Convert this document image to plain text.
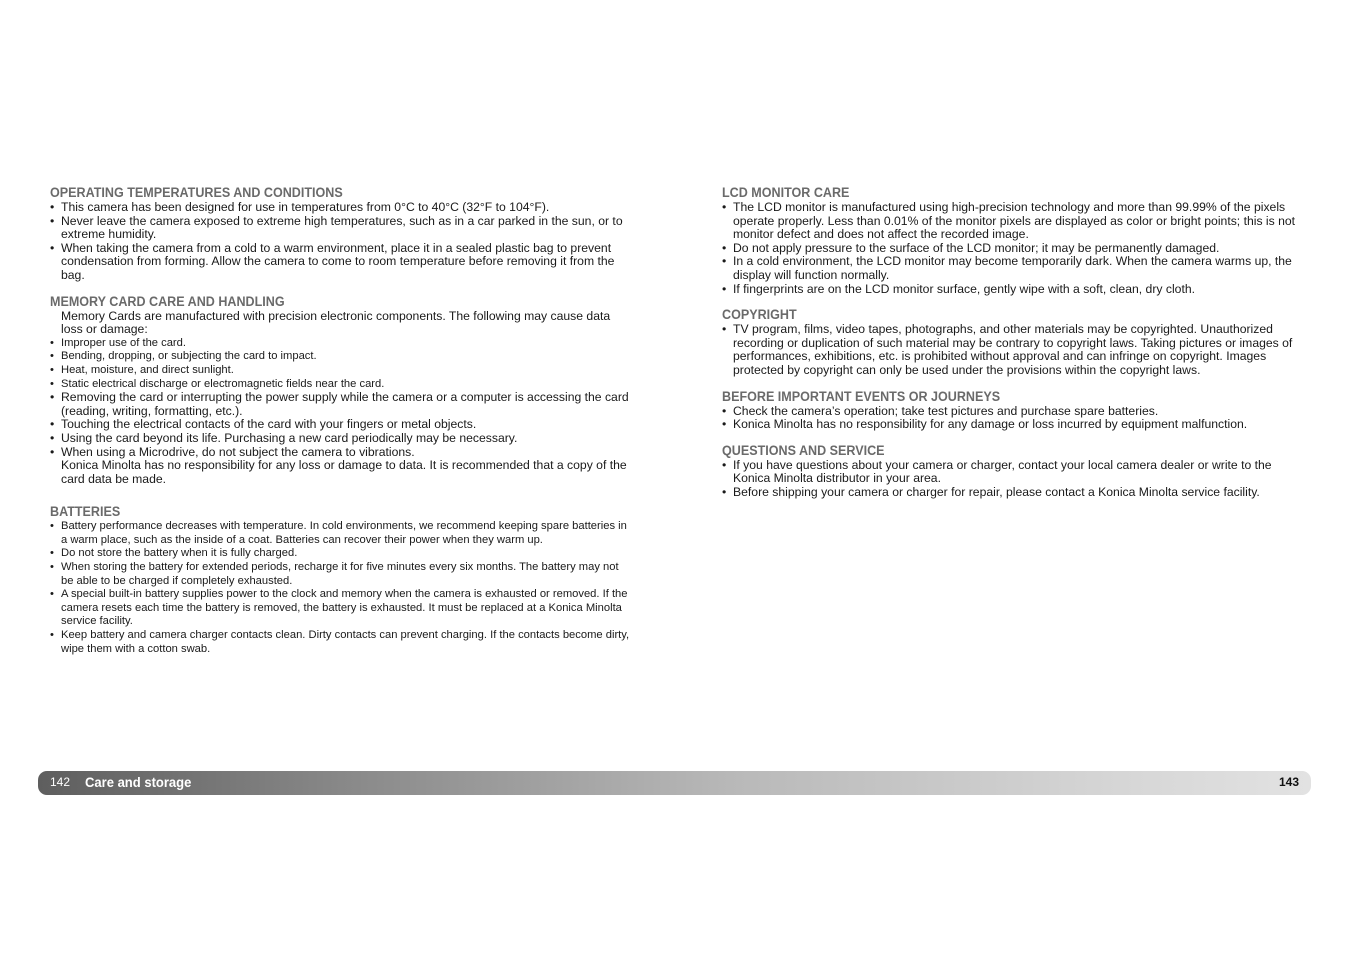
OPERATING TEMPERATURES AND CONDITIONS
• This camera has been designed for use in temperatures from 0°C to 40°C (32°F to 104°F).
• Never leave the camera exposed to extreme high temperatures, such as in a car parked in the sun, or to extreme humidity.
• When taking the camera from a cold to a warm environment, place it in a sealed plastic bag to prevent condensation from forming. Allow the camera to come to room temperature before removing it from the bag.
MEMORY CARD CARE AND HANDLING

Memory Cards are manufactured with precision electronic components. The following may cause data loss or damage:

• Improper use of the card.
• Bending, dropping, or subjecting the card to impact.
• Heat, moisture, and direct sunlight.
• Static electrical discharge or electromagnetic fields near the card.
• Removing the card or interrupting the power supply while the camera or a computer is accessing the card (reading, writing, formatting, etc.).
• Touching the electrical contacts of the card with your fingers or metal objects.
• Using the card beyond its life. Purchasing a new card periodically may be necessary.
• When using a Microdrive, do not subject the camera to vibrations.

Konica Minolta has no responsibility for any loss or damage to data. It is recommended that a copy of the card data be made.

BATTERIES
• Battery performance decreases with temperature. In cold environments, we recommend keeping spare batteries in a warm place, such as the inside of a coat. Batteries can recover their power when they warm up.
• Do not store the battery when it is fully charged.
• When storing the battery for extended periods, recharge it for five minutes every six months. The battery may not be able to be charged if completely exhausted.
• A special built-in battery supplies power to the clock and memory when the camera is exhausted or removed. If the camera resets each time the battery is removed, the battery is exhausted. It must be replaced at a Konica Minolta service facility.
• Keep battery and camera charger contacts clean. Dirty contacts can prevent charging. If the contacts become dirty, wipe them with a cotton swab.
LCD MONITOR CARE
• The LCD monitor is manufactured using high-precision technology and more than 99.99% of the pixels operate properly. Less than 0.01% of the monitor pixels are displayed as color or bright points; this is not monitor defect and does not affect the recorded image.
• Do not apply pressure to the surface of the LCD monitor; it may be permanently damaged.
• In a cold environment, the LCD monitor may become temporarily dark. When the camera warms up, the display will function normally.
• If fingerprints are on the LCD monitor surface, gently wipe with a soft, clean, dry cloth.
COPYRIGHT
• TV program, films, video tapes, photographs, and other materials may be copyrighted. Unauthorized recording or duplication of such material may be contrary to copyright laws. Taking pictures or images of performances, exhibitions, etc. is prohibited without approval and can infringe on copyright. Images protected by copyright can only be used under the provisions within the copyright laws.
BEFORE IMPORTANT EVENTS OR JOURNEYS
• Check the camera’s operation; take test pictures and purchase spare batteries.
• Konica Minolta has no responsibility for any damage or loss incurred by equipment malfunction.
QUESTIONS AND SERVICE
• If you have questions about your camera or charger, contact your local camera dealer or write to the Konica Minolta distributor in your area.
• Before shipping your camera or charger for repair, please contact a Konica Minolta service facility.
142 Care and storage	143
